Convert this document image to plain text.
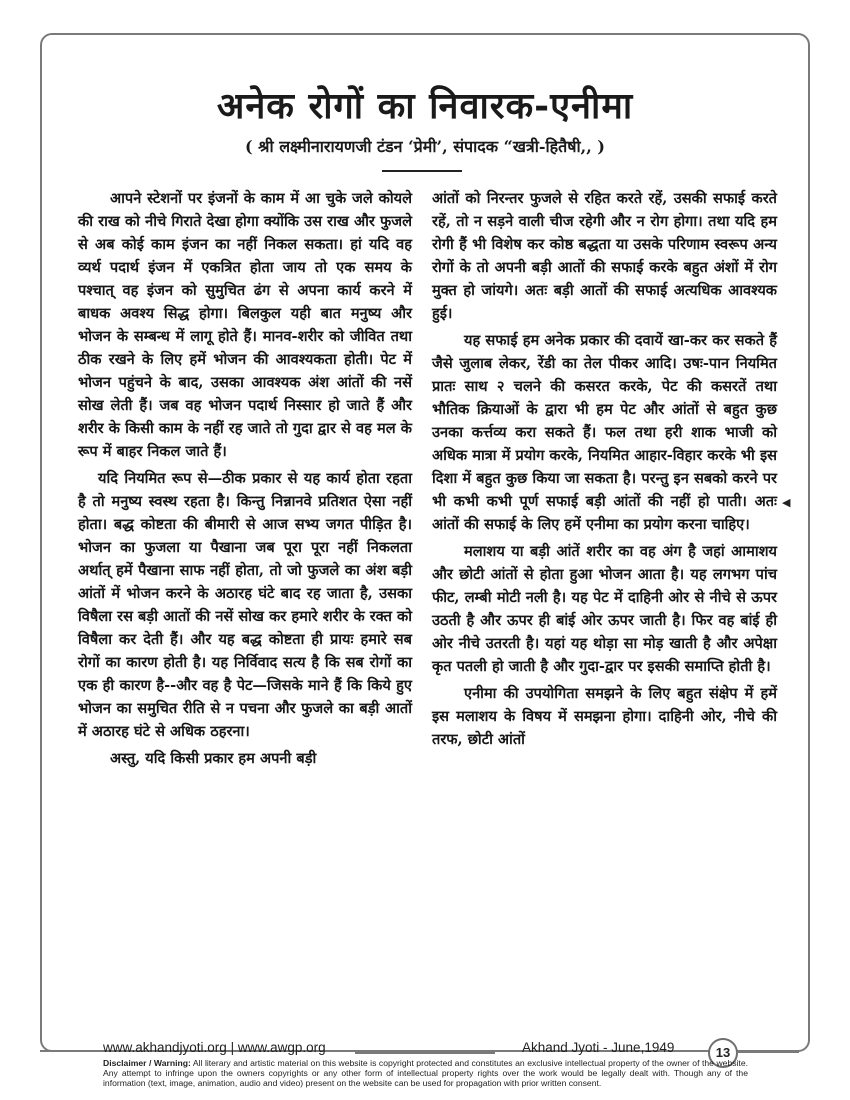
अनेक रोगों का निवारक-एनीमा
( श्री लक्ष्मीनारायणजी टंडन ‘प्रेमी’, संपादक “खत्री-हितैषी,, )

आपने स्टेशनों पर इंजनों के काम में आ चुके जले कोयले की राख को नीचे गिराते देखा होगा क्योंकि उस राख और फुजले से अब कोई काम इंजन का नहीं निकल सकता। हां यदि वह व्यर्थ पदार्थ इंजन में एकत्रित होता जाय तो एक समय के पश्चात् वह इंजन को सुमुचित ढंग से अपना कार्य करने में बाधक अवश्य सिद्ध होगा। बिलकुल यही बात मनुष्य और भोजन के सम्बन्ध में लागू होते हैं। मानव-शरीर को जीवित तथा ठीक रखने के लिए हमें भोजन की आवश्यकता होती। पेट में भोजन पहुंचने के बाद, उसका आवश्यक अंश आंतों की नसें सोख लेती हैं। जब वह भोजन पदार्थ निस्सार हो जाते हैं और शरीर के किसी काम के नहीं रह जाते तो गुदा द्वार से वह मल के रूप में बाहर निकल जाते हैं।

यदि नियमित रूप से—ठीक प्रकार से यह कार्य होता रहता है तो मनुष्य स्वस्थ रहता है। किन्तु निन्नानवे प्रतिशत ऐसा नहीं होता। बद्ध कोष्टता की बीमारी से आज सभ्य जगत पीड़ित है। भोजन का फुजला या पैखाना जब पूरा पूरा नहीं निकलता अर्थात् हमें पैखाना साफ नहीं होता, तो जो फुजले का अंश बड़ी आंतों में भोजन करने के अठारह घंटे बाद रह जाता है, उसका विषैला रस बड़ी आतों की नसें सोख कर हमारे शरीर के रक्त को विषैला कर देती हैं। और यह बद्ध कोष्टता ही प्रायः हमारे सब रोगों का कारण होती है। यह निर्विवाद सत्य है कि सब रोगों का एक ही कारण है--और वह है पेट—जिसके माने हैं कि किये हुए भोजन का समुचित रीति से न पचना और फुजले का बड़ी आतों में अठारह घंटे से अधिक ठहरना।

अस्तु, यदि किसी प्रकार हम अपनी बड़ी

आंतों को निरन्तर फुजले से रहित करते रहें, उसकी सफाई करते रहें, तो न सड़ने वाली चीज रहेगी और न रोग होगा। तथा यदि हम रोगी हैं भी विशेष कर कोष्ठ बद्धता या उसके परिणाम स्वरूप अन्य रोगों के तो अपनी बड़ी आतों की सफाई करके बहुत अंशों में रोग मुक्त हो जांयगे। अतः बड़ी आतों की सफाई अत्यधिक आवश्यक हुई।

यह सफाई हम अनेक प्रकार की दवायें खा-कर कर सकते हैं जैसे जुलाब लेकर, रेंडी का तेल पीकर आदि। उषः-पान नियमित प्रातः साथ २ चलने की कसरत करके, पेट की कसरतें तथा भौतिक क्रियाओं के द्वारा भी हम पेट और आंतों से बहुत कुछ उनका कर्त्तव्य करा सकते हैं। फल तथा हरी शाक भाजी को अधिक मात्रा में प्रयोग करके, नियमित आहार-विहार करके भी इस दिशा में बहुत कुछ किया जा सकता है। परन्तु इन सबको करने पर भी कभी कभी पूर्ण सफाई बड़ी आंतों की नहीं हो पाती। अतः आंतों की सफाई के लिए हमें एनीमा का प्रयोग करना चाहिए।

मलाशय या बड़ी आंतें शरीर का वह अंग है जहां आमाशय और छोटी आंतों से होता हुआ भोजन आता है। यह लगभग पांच फीट, लम्बी मोटी नली है। यह पेट में दाहिनी ओर से नीचे से ऊपर उठती है और ऊपर ही बांई ओर ऊपर जाती है। फिर वह बांई ही ओर नीचे उतरती है। यहां यह थोड़ा सा मोड़ खाती है और अपेक्षा कृत पतली हो जाती है और गुदा-द्वार पर इसकी समाप्ति होती है।

एनीमा की उपयोगिता समझने के लिए बहुत संक्षेप में हमें इस मलाशय के विषय में समझना होगा। दाहिनी ओर, नीचे की तरफ, छोटी आंतों

◀
www.akhandjyoti.org | www.awgp.org	Akhand Jyoti - June,1949	13
Disclaimer / Warning: All literary and artistic material on this website is copyright protected and constitutes an exclusive intellectual property of the owner of the website. Any attempt to infringe upon the owners copyrights or any other form of intellectual property rights over the work would be legally dealt with. Though any of the information (text, image, animation, audio and video) present on the website can be used for propagation with prior written consent.
